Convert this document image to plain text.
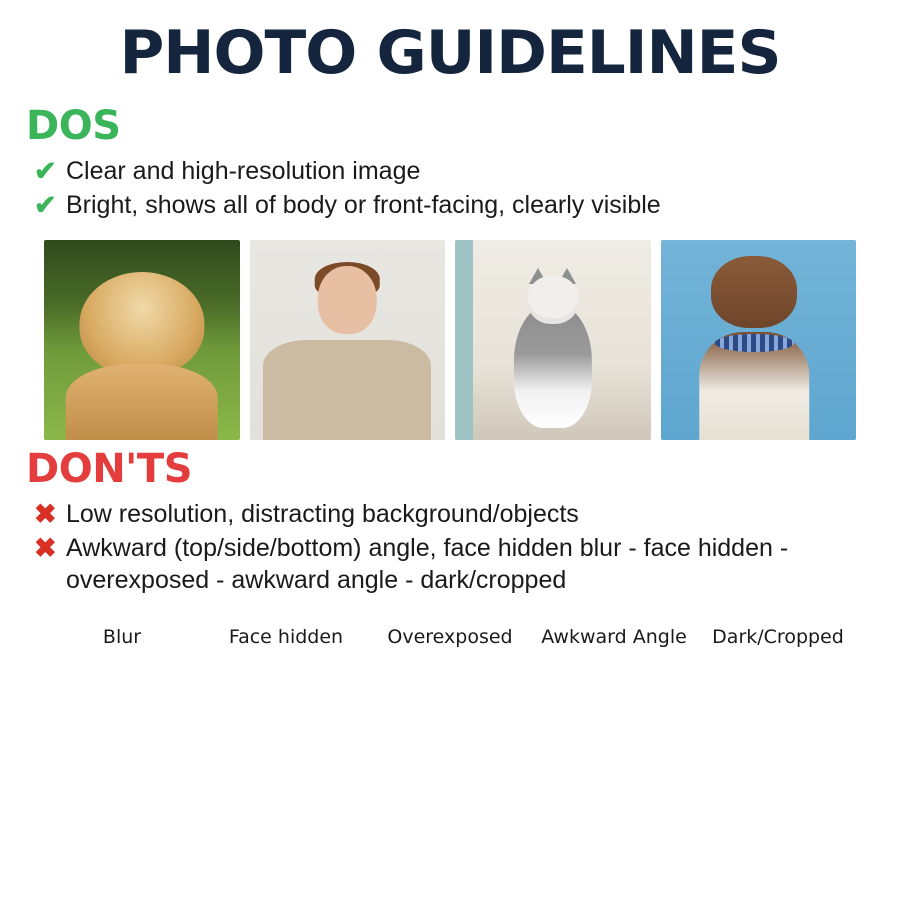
PHOTO GUIDELINES
DOS
✔ Clear and high-resolution image
✔ Bright, shows all of body or front-facing, clearly visible
DON'TS
✖ Low resolution, distracting background/objects
✖ Awkward (top/side/bottom) angle, face hidden blur - face hidden - overexposed - awkward angle - dark/cropped
Blur	Face hidden Overexposed Awkward Angle Dark/Cropped
